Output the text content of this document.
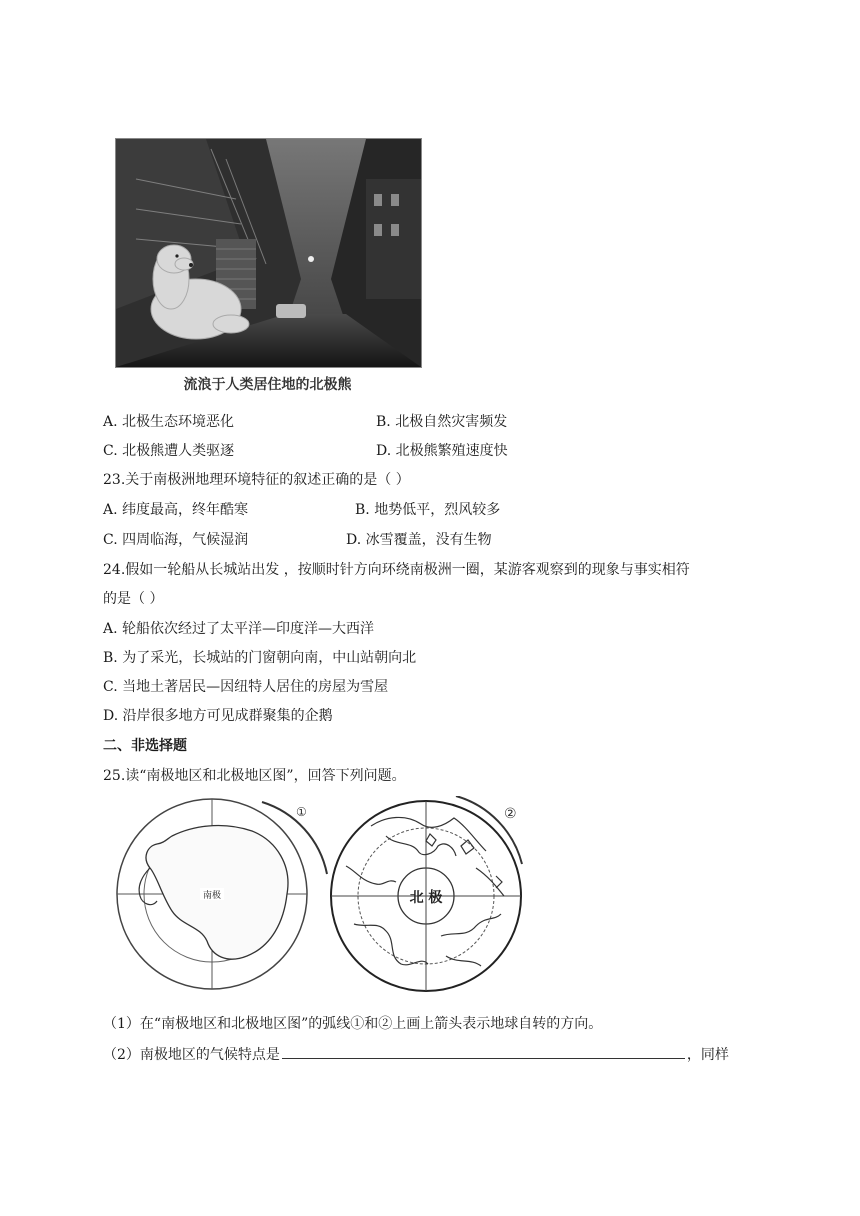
流浪于人类居住地的北极熊
A. 北极生态环境恶化	B. 北极自然灾害频发
C. 北极熊遭人类驱逐	D. 北极熊繁殖速度快
23.关于南极洲地理环境特征的叙述正确的是（ ）
A. 纬度最高，终年酷寒	B. 地势低平，烈风较多
C. 四周临海，气候湿润	D. 冰雪覆盖，没有生物
24.假如一轮船从长城站出发 ，按顺时针方向环绕南极洲一圈，某游客观察到的现象与事实相符
的是（ ）
A. 轮船依次经过了太平洋—印度洋—大西洋
B. 为了采光，长城站的门窗朝向南，中山站朝向北
C. 当地土著居民—因纽特人居住的房屋为雪屋
D. 沿岸很多地方可见成群聚集的企鹅
二、非选择题
25.读“南极地区和北极地区图”，回答下列问题。
①
南极
②
北 极
（1）在“南极地区和北极地区图”的弧线①和②上画上箭头表示地球自转的方向。
（2）南极地区的气候特点是	，同样
